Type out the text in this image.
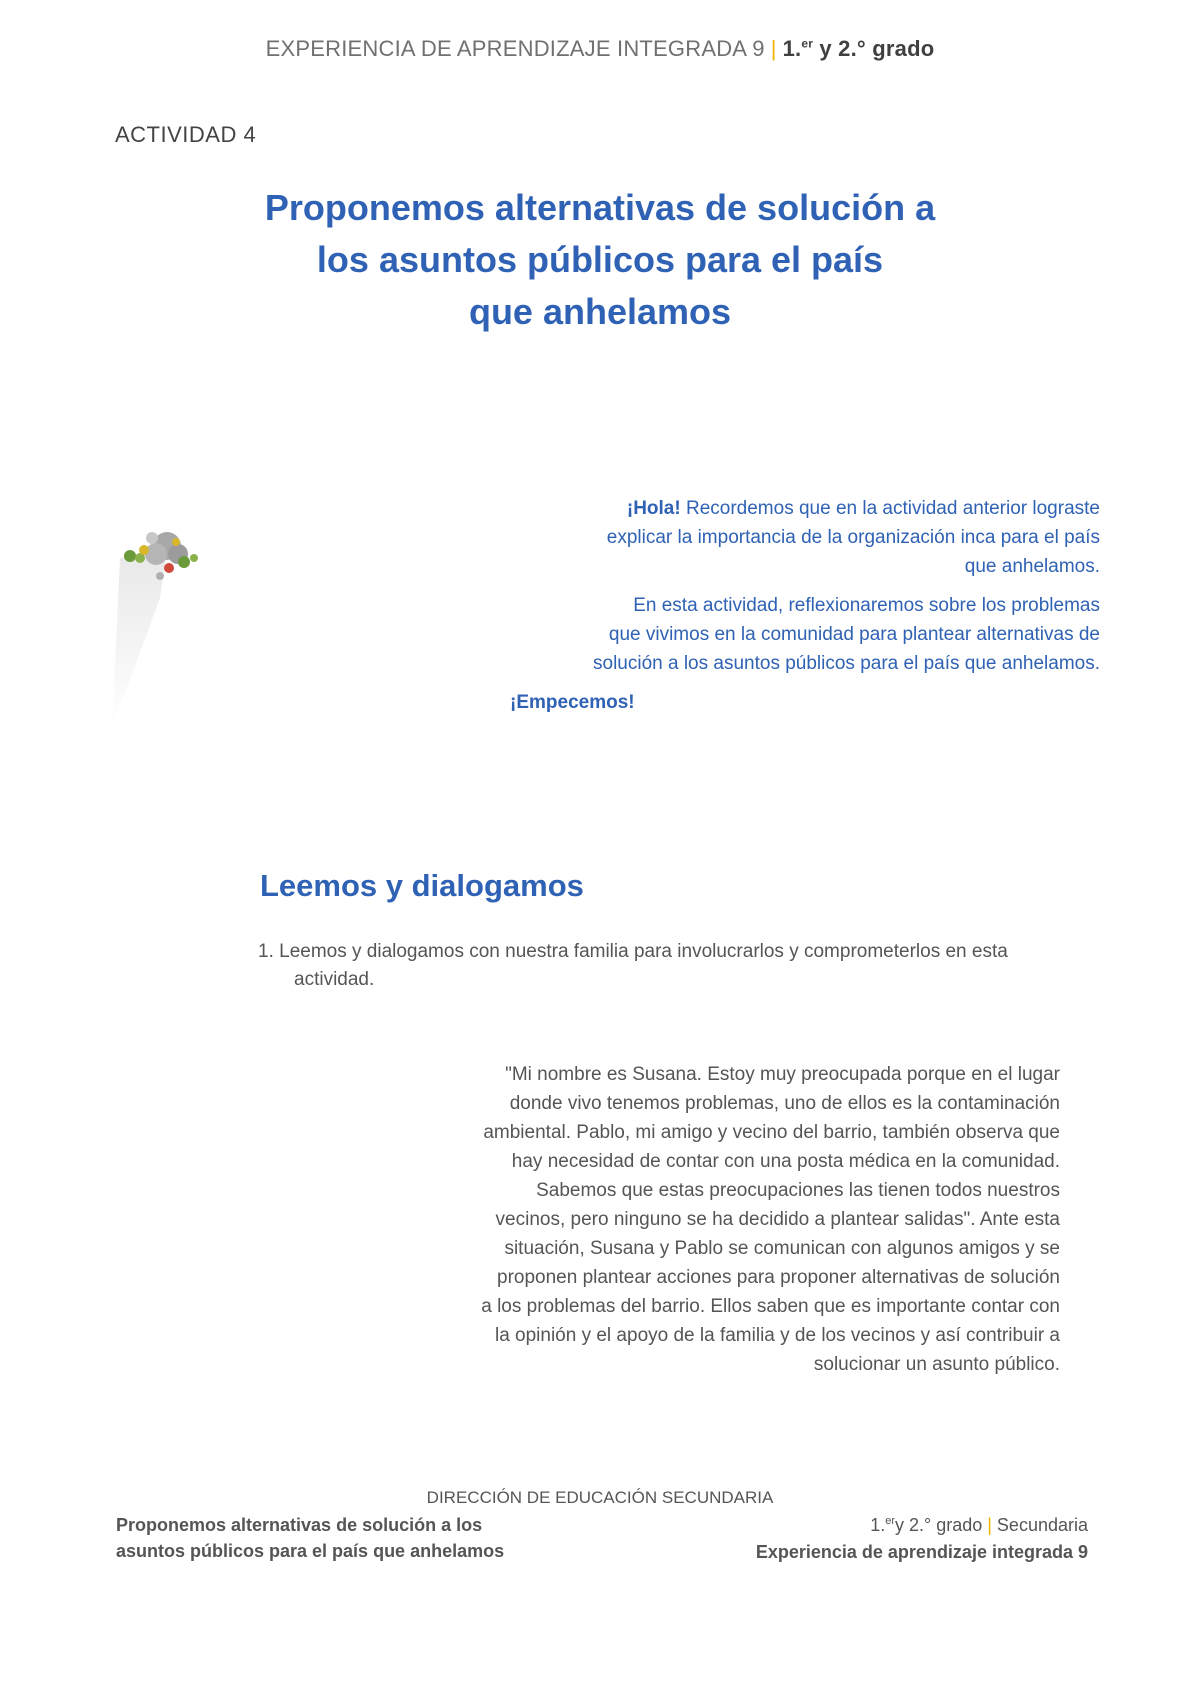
EXPERIENCIA DE APRENDIZAJE INTEGRADA 9 | 1.$^{er}$ y 2.° grado
ACTIVIDAD 4
Proponemos alternativas de solución a
los asuntos públicos para el país
que anhelamos

¡Hola! Recordemos que en la actividad anterior lograste
explicar la importancia de la organización inca para el país
que anhelamos.

En esta actividad, reflexionaremos sobre los problemas
que vivimos en la comunidad para plantear alternativas de
solución a los asuntos públicos para el país que anhelamos.

¡Empecemos!
Leemos y dialogamos
1. Leemos y dialogamos con nuestra familia para involucrarlos y comprometerlos en esta
actividad.
"Mi nombre es Susana. Estoy muy preocupada porque en el lugar
donde vivo tenemos problemas, uno de ellos es la contaminación
ambiental. Pablo, mi amigo y vecino del barrio, también observa que
hay necesidad de contar con una posta médica en la comunidad.
Sabemos que estas preocupaciones las tienen todos nuestros
vecinos, pero ninguno se ha decidido a plantear salidas". Ante esta
situación, Susana y Pablo se comunican con algunos amigos y se
proponen plantear acciones para proponer alternativas de solución
a los problemas del barrio. Ellos saben que es importante contar con
la opinión y el apoyo de la familia y de los vecinos y así contribuir a
solucionar un asunto público.
DIRECCIÓN DE EDUCACIÓN SECUNDARIA
Proponemos alternativas de solución a los
asuntos públicos para el país que anhelamos
1.$^{er}$y 2.° grado | Secundaria
Experiencia de aprendizaje integrada 9
